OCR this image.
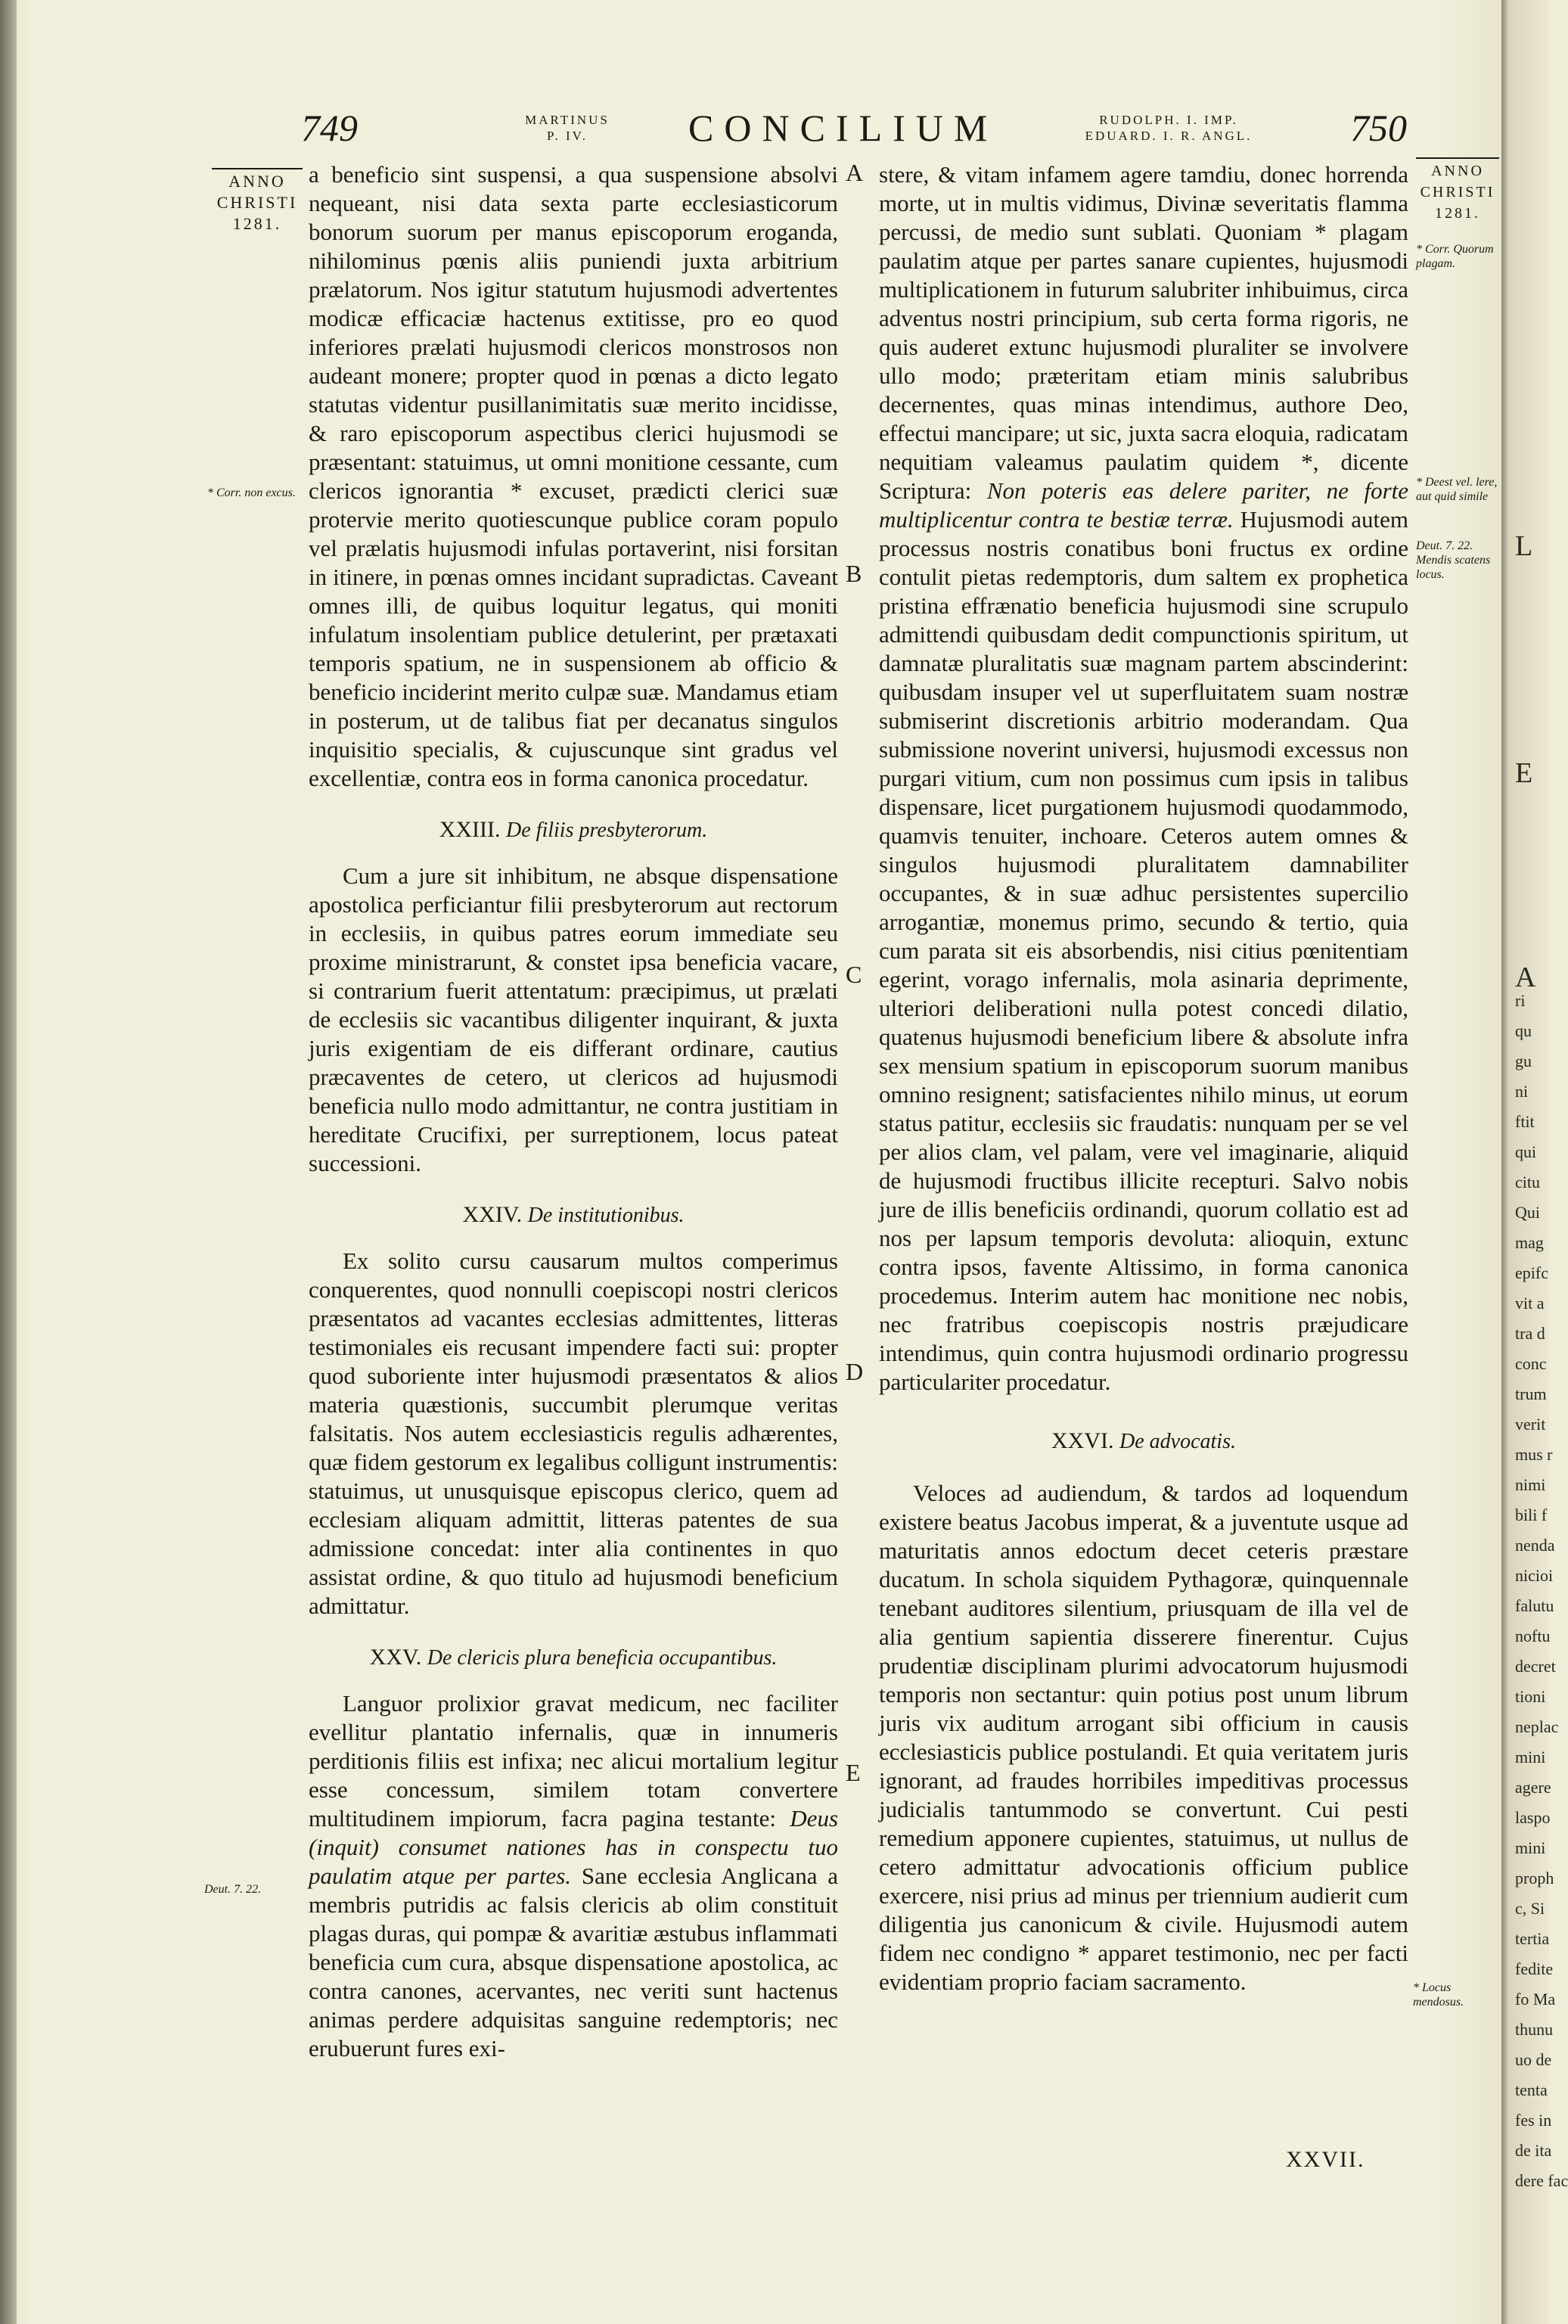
749	MARTINUS
P. IV.	CONCILIUM	RUDOLPH. I. IMP.
EDUARD. I. R. ANGL.	750
ANNO
CHRISTI
1281.
* Corr. non excus.
Deut. 7. 22.
A
B
C
D
E

a beneficio sint suspensi, a qua suspensione absolvi nequeant, nisi data sexta parte ecclesiasticorum bonorum suorum per manus episcoporum eroganda, nihilominus pœnis aliis puniendi juxta arbitrium prælatorum. Nos igitur statutum hujusmodi advertentes modicæ efficaciæ hactenus extitisse, pro eo quod inferiores prælati hujusmodi clericos monstrosos non audeant monere; propter quod in pœnas a dicto legato statutas videntur pusillanimitatis suæ merito incidisse, & raro episcoporum aspectibus clerici hujusmodi se præsentant: statuimus, ut omni monitione cessante, cum clericos ignorantia * excuset, prædicti clerici suæ protervie merito quotiescunque publice coram populo vel prælatis hujusmodi infulas portaverint, nisi forsitan in itinere, in pœnas omnes incidant supradictas. Caveant omnes illi, de quibus loquitur legatus, qui moniti infulatum insolentiam publice detulerint, per prætaxati temporis spatium, ne in suspensionem ab officio & beneficio inciderint merito culpæ suæ. Mandamus etiam in posterum, ut de talibus fiat per decanatus singulos inquisitio specialis, & cujuscunque sint gradus vel excellentiæ, contra eos in forma canonica procedatur.

XXIII. De filiis presbyterorum.

Cum a jure sit inhibitum, ne absque dispensatione apostolica perficiantur filii presbyterorum aut rectorum in ecclesiis, in quibus patres eorum immediate seu proxime ministrarunt, & constet ipsa beneficia vacare, si contrarium fuerit attentatum: præcipimus, ut prælati de ecclesiis sic vacantibus diligenter inquirant, & juxta juris exigentiam de eis differant ordinare, cautius præcaventes de cetero, ut clericos ad hujusmodi beneficia nullo modo admittantur, ne contra justitiam in hereditate Crucifixi, per surreptionem, locus pateat successioni.

XXIV. De institutionibus.

Ex solito cursu causarum multos comperimus conquerentes, quod nonnulli coepiscopi nostri clericos præsentatos ad vacantes ecclesias admittentes, litteras testimoniales eis recusant impendere facti sui: propter quod suboriente inter hujusmodi præsentatos & alios materia quæstionis, succumbit plerumque veritas falsitatis. Nos autem ecclesiasticis regulis adhærentes, quæ fidem gestorum ex legalibus colligunt instrumentis: statuimus, ut unusquisque episcopus clerico, quem ad ecclesiam aliquam admittit, litteras patentes de sua admissione concedat: inter alia continentes in quo assistat ordine, & quo titulo ad hujusmodi beneficium admittatur.

XXV. De clericis plura beneficia occupantibus.

Languor prolixior gravat medicum, nec faciliter evellitur plantatio infernalis, quæ in innumeris perditionis filiis est infixa; nec alicui mortalium legitur esse concessum, similem totam convertere multitudinem impiorum, facra pagina testante: Deus (inquit) consumet nationes has in conspectu tuo paulatim atque per partes. Sane ecclesia Anglicana a membris putridis ac falsis clericis ab olim constituit plagas duras, qui pompæ & avaritiæ æstubus inflammati beneficia cum cura, absque dispensatione apostolica, ac contra canones, acervantes, nec veriti sunt hactenus animas perdere adquisitas sanguine redemptoris; nec erubuerunt fures exi-

stere, & vitam infamem agere tamdiu, donec horrenda morte, ut in multis vidimus, Divinæ severitatis flamma percussi, de medio sunt sublati. Quoniam * plagam paulatim atque per partes sanare cupientes, hujusmodi multiplicationem in futurum salubriter inhibuimus, circa adventus nostri principium, sub certa forma rigoris, ne quis auderet extunc hujusmodi pluraliter se involvere ullo modo; præteritam etiam minis salubribus decernentes, quas minas intendimus, authore Deo, effectui mancipare; ut sic, juxta sacra eloquia, radicatam nequitiam valeamus paulatim quidem *, dicente Scriptura: Non poteris eas delere pariter, ne forte multiplicentur contra te bestiæ terræ. Hujusmodi autem processus nostris conatibus boni fructus ex ordine contulit pietas redemptoris, dum saltem ex prophetica pristina effrænatio beneficia hujusmodi sine scrupulo admittendi quibusdam dedit compunctionis spiritum, ut damnatæ pluralitatis suæ magnam partem abscinderint: quibusdam insuper vel ut superfluitatem suam nostræ submiserint discretionis arbitrio moderandam. Qua submissione noverint universi, hujusmodi excessus non purgari vitium, cum non possimus cum ipsis in talibus dispensare, licet purgationem hujusmodi quodammodo, quamvis tenuiter, inchoare. Ceteros autem omnes & singulos hujusmodi pluralitatem damnabiliter occupantes, & in suæ adhuc persistentes supercilio arrogantiæ, monemus primo, secundo & tertio, quia cum parata sit eis absorbendis, nisi citius pœnitentiam egerint, vorago infernalis, mola asinaria deprimente, ulteriori deliberationi nulla potest concedi dilatio, quatenus hujusmodi beneficium libere & absolute infra sex mensium spatium in episcoporum suorum manibus omnino resignent; satisfacientes nihilo minus, ut eorum status patitur, ecclesiis sic fraudatis: nunquam per se vel per alios clam, vel palam, vere vel imaginarie, aliquid de hujusmodi fructibus illicite recepturi. Salvo nobis jure de illis beneficiis ordinandi, quorum collatio est ad nos per lapsum temporis devoluta: alioquin, extunc contra ipsos, favente Altissimo, in forma canonica procedemus. Interim autem hac monitione nec nobis, nec fratribus coepiscopis nostris præjudicare intendimus, quin contra hujusmodi ordinario progressu particulariter procedatur.

XXVI. De advocatis.

Veloces ad audiendum, & tardos ad loquendum existere beatus Jacobus imperat, & a juventute usque ad maturitatis annos edoctum decet ceteris præstare ducatum. In schola siquidem Pythagoræ, quinquennale tenebant auditores silentium, priusquam de illa vel de alia gentium sapientia disserere finerentur. Cujus prudentiæ disciplinam plurimi advocatorum hujusmodi temporis non sectantur: quin potius post unum librum juris vix auditum arrogant sibi officium in causis ecclesiasticis publice postulandi. Et quia veritatem juris ignorant, ad fraudes horribiles impeditivas processus judicialis tantummodo se convertunt. Cui pesti remedium apponere cupientes, statuimus, ut nullus de cetero admittatur advocationis officium publice exercere, nisi prius ad minus per triennium audierit cum diligentia jus canonicum & civile. Hujusmodi autem fidem nec condigno * apparet testimonio, nec per facti evidentiam proprio faciam sacramento.

ANNO
CHRISTI
1281.
* Corr. Quorum plagam.
* Deest vel. lere, aut quid simile
Deut. 7. 22. Mendis scatens locus.
* Locus mendosus.
XXVII.
L
E
A
ri
qu
gu
ni
ftit
qui
citu
Qui
mag
epifc
vit a
tra d
conc
trum
verit
mus r
nimi
bili f
nenda
nicioi
falutu
noftu
decret
tioni
neplac
mini
agere
laspo
mini
proph
c, Si
tertia
fedite
fo Ma
thunu
uo de
tenta
fes in
de ita
dere fac
